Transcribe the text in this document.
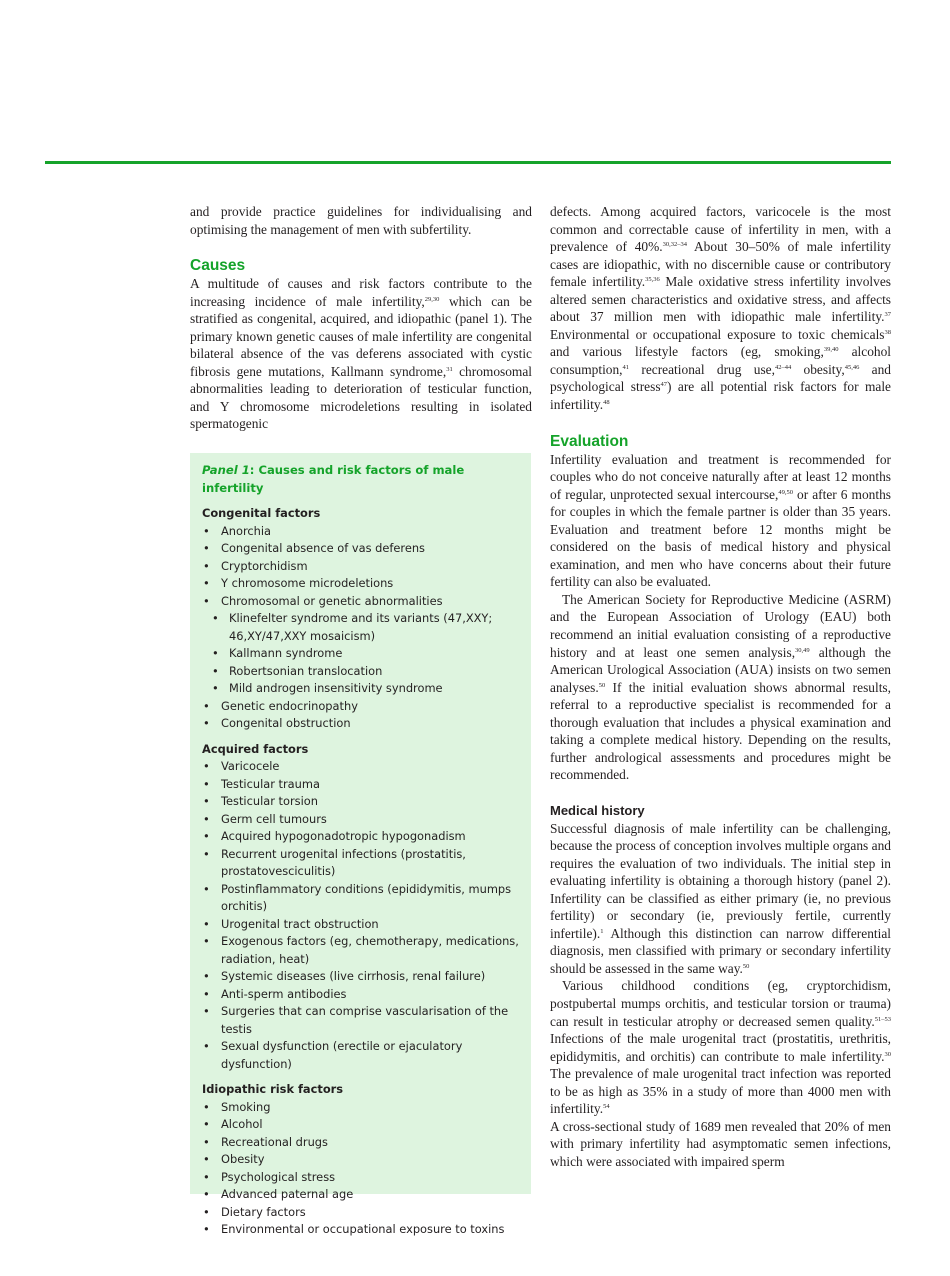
and provide practice guidelines for individualising and optimising the management of men with subfertility.

Causes

A multitude of causes and risk factors contribute to the increasing incidence of male infertility,$^{29,30}$ which can be stratified as congenital, acquired, and idiopathic (panel 1). The primary known genetic causes of male infertility are congenital bilateral absence of the vas deferens associated with cystic fibrosis gene mutations, Kallmann syndrome,$^{31}$ chromosomal abnormalities leading to deterioration of testicular function, and Y chromosome microdeletions resulting in isolated spermatogenic

Panel 1: Causes and risk factors of male infertility
Congenital factors
• Anorchia
• Congenital absence of vas deferens
• Cryptorchidism
• Y chromosome microdeletions
• Chromosomal or genetic abnormalities
• Klinefelter syndrome and its variants (47,XXY; 46,XY/47,XXY mosaicism)
• Kallmann syndrome
• Robertsonian translocation
• Mild androgen insensitivity syndrome
• Genetic endocrinopathy
• Congenital obstruction
Acquired factors
• Varicocele
• Testicular trauma
• Testicular torsion
• Germ cell tumours
• Acquired hypogonadotropic hypogonadism
• Recurrent urogenital infections (prostatitis, prostatovesciculitis)
• Postinflammatory conditions (epididymitis, mumps orchitis)
• Urogenital tract obstruction
• Exogenous factors (eg, chemotherapy, medications, radiation, heat)
• Systemic diseases (live cirrhosis, renal failure)
• Anti-sperm antibodies
• Surgeries that can comprise vascularisation of the testis
• Sexual dysfunction (erectile or ejaculatory dysfunction)
Idiopathic risk factors
• Smoking
• Alcohol
• Recreational drugs
• Obesity
• Psychological stress
• Advanced paternal age
• Dietary factors
• Environmental or occupational exposure to toxins

defects. Among acquired factors, varicocele is the most common and correctable cause of infertility in men, with a prevalence of 40%.$^{30,32-34}$ About 30–50% of male infertility cases are idiopathic, with no discernible cause or contributory female infertility.$^{35,36}$ Male oxidative stress infertility involves altered semen characteristics and oxidative stress, and affects about 37 million men with idiopathic male infertility.$^{37}$ Environmental or occupational exposure to toxic chemicals$^{38}$ and various lifestyle factors (eg, smoking,$^{39,40}$ alcohol consumption,$^{41}$ recreational drug use,$^{42-44}$ obesity,$^{45,46}$ and psychological stress$^{47}$) are all potential risk factors for male infertility.$^{48}$

Evaluation

Infertility evaluation and treatment is recommended for couples who do not conceive naturally after at least 12 months of regular, unprotected sexual intercourse,$^{49,50}$ or after 6 months for couples in which the female partner is older than 35 years. Evaluation and treatment before 12 months might be considered on the basis of medical history and physical examination, and men who have concerns about their future fertility can also be evaluated.

The American Society for Reproductive Medicine (ASRM) and the European Association of Urology (EAU) both recommend an initial evaluation consisting of a reproductive history and at least one semen analysis,$^{30,49}$ although the American Urological Association (AUA) insists on two semen analyses.$^{50}$ If the initial evaluation shows abnormal results, referral to a reproductive specialist is recommended for a thorough evaluation that includes a physical examination and taking a complete medical history. Depending on the results, further andrological assessments and procedures might be recommended.

Medical history

Successful diagnosis of male infertility can be challenging, because the process of conception involves multiple organs and requires the evaluation of two individuals. The initial step in evaluating infertility is obtaining a thorough history (panel 2). Infertility can be classified as either primary (ie, no previous fertility) or secondary (ie, previously fertile, currently infertile).$^1$ Although this distinction can narrow differential diagnosis, men classified with primary or secondary infertility should be assessed in the same way.$^{50}$

Various childhood conditions (eg, cryptorchidism, postpubertal mumps orchitis, and testicular torsion or trauma) can result in testicular atrophy or decreased semen quality.$^{51-53}$ Infections of the male urogenital tract (prostatitis, urethritis, epididymitis, and orchitis) can contribute to male infertility.$^{30}$ The prevalence of male urogenital tract infection was reported to be as high as 35% in a study of more than 4000 men with infertility.$^{54}$

A cross-sectional study of 1689 men revealed that 20% of men with primary infertility had asymptomatic semen infections, which were associated with impaired sperm
